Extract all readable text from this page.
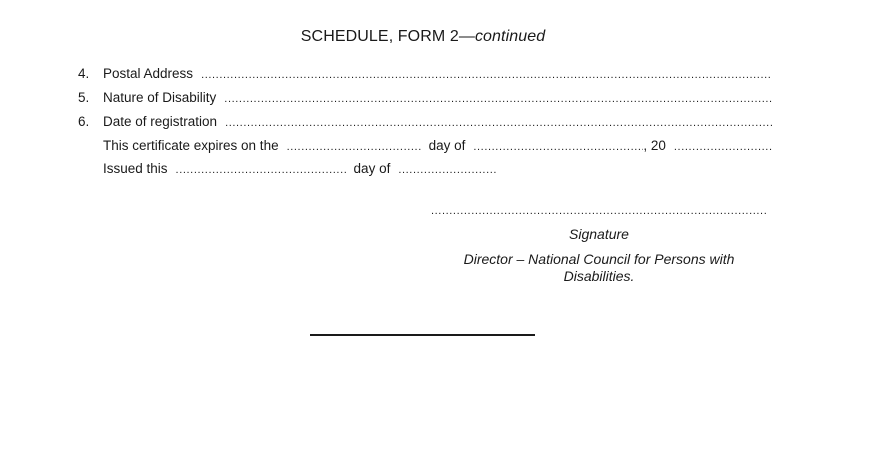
SCHEDULE, FORM 2—continued
4.	Postal Address
.....
5.	Nature of Disability
.....
6.	Date of registration
.....
This certificate expires on the .....	day of .....	, 20
.....
Issued this .....	day of
.....
.....
Signature
Director – National Council for Persons with
Disabilities.
